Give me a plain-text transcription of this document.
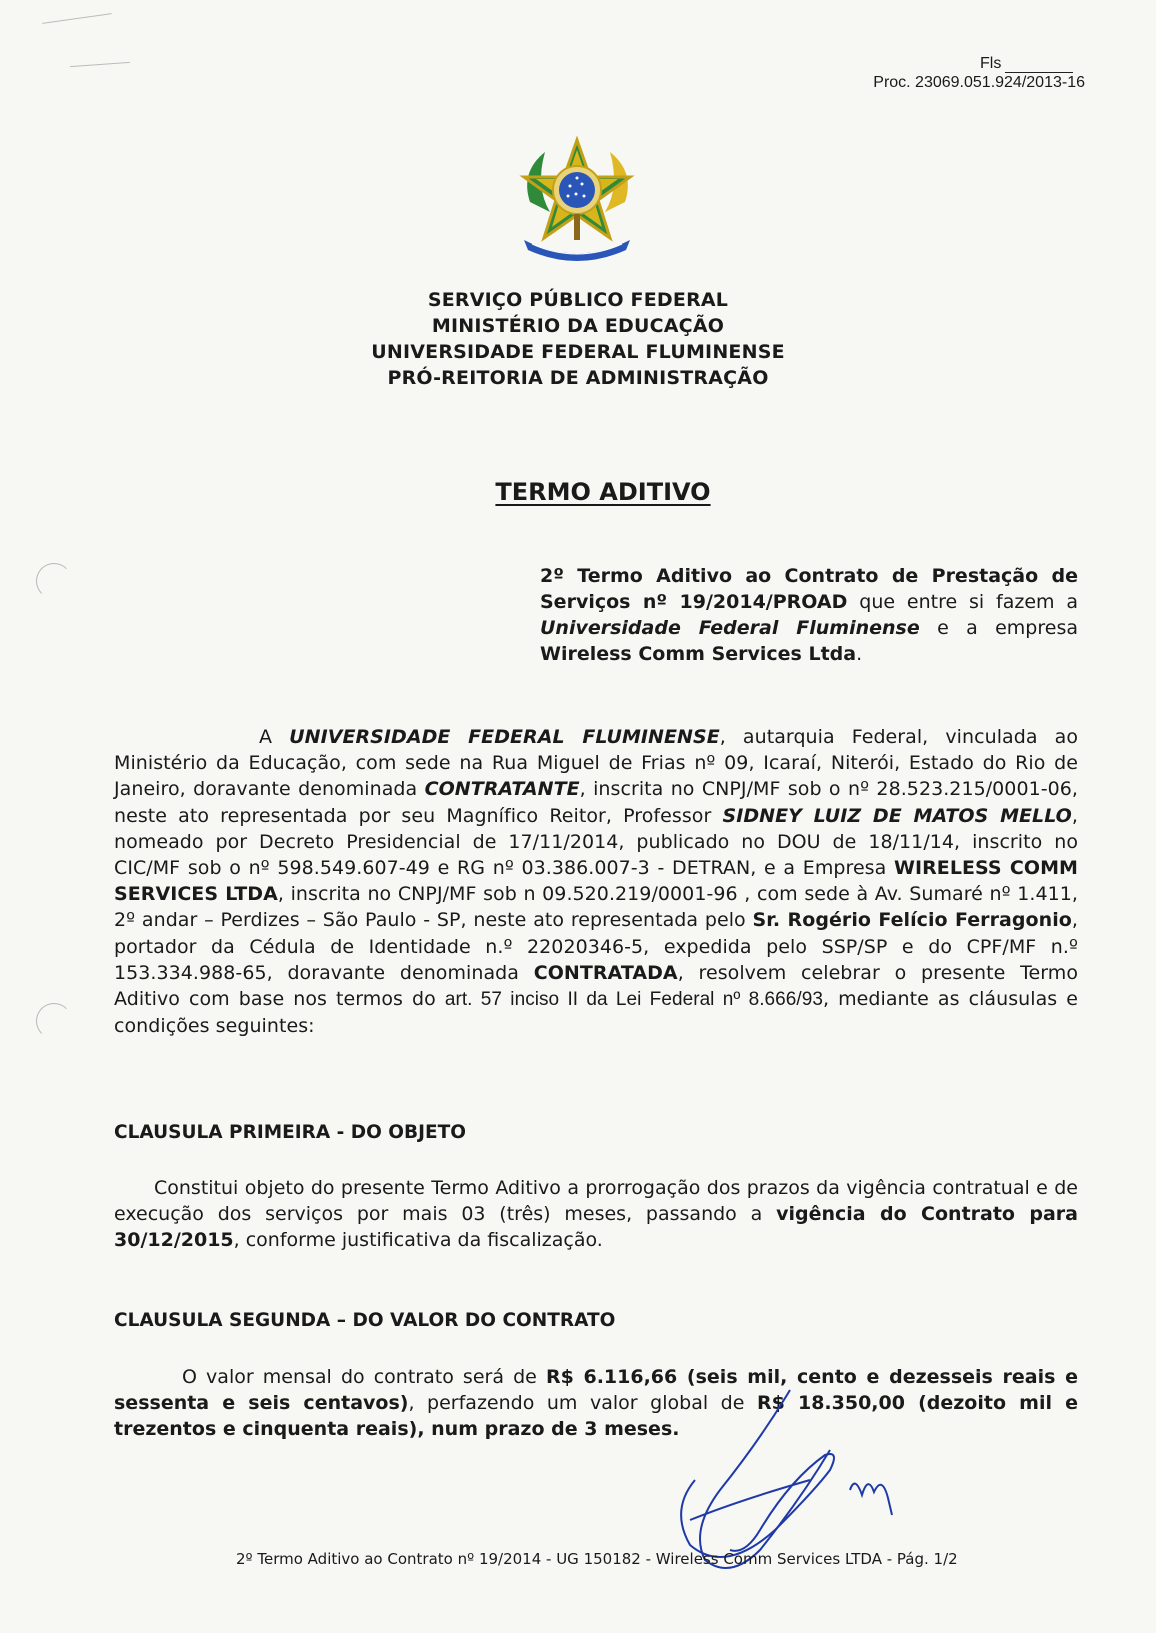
Fls
Proc. 23069.051.924/2013-16
SERVIÇO PÚBLICO FEDERAL
MINISTÉRIO DA EDUCAÇÃO
UNIVERSIDADE FEDERAL FLUMINENSE
PRÓ-REITORIA DE ADMINISTRAÇÃO
TERMO ADITIVO
2º Termo Aditivo ao Contrato de Prestação de Serviços nº 19/2014/PROAD que entre si fazem a Universidade Federal Fluminense e a empresa Wireless Comm Services Ltda.

A UNIVERSIDADE FEDERAL FLUMINENSE, autarquia Federal, vinculada ao Ministério da Educação, com sede na Rua Miguel de Frias nº 09, Icaraí, Niterói, Estado do Rio de Janeiro, doravante denominada CONTRATANTE, inscrita no CNPJ/MF sob o nº 28.523.215/0001-06, neste ato representada por seu Magnífico Reitor, Professor SIDNEY LUIZ DE MATOS MELLO, nomeado por Decreto Presidencial de 17/11/2014, publicado no DOU de 18/11/14, inscrito no CIC/MF sob o nº 598.549.607-49 e RG nº 03.386.007-3 - DETRAN, e a Empresa WIRELESS COMM SERVICES LTDA, inscrita no CNPJ/MF sob n 09.520.219/0001-96 , com sede à Av. Sumaré nº 1.411, 2º andar – Perdizes – São Paulo - SP, neste ato representada pelo Sr. Rogério Felício Ferragonio, portador da Cédula de Identidade n.º 22020346-5, expedida pelo SSP/SP e do CPF/MF n.º 153.334.988-65, doravante denominada CONTRATADA, resolvem celebrar o presente Termo Aditivo com base nos termos do art. 57 inciso II da Lei Federal nº 8.666/93, mediante as cláusulas e condições seguintes:

CLAUSULA PRIMEIRA - DO OBJETO
Constitui objeto do presente Termo Aditivo a prorrogação dos prazos da vigência contratual e de execução dos serviços por mais 03 (três) meses, passando a vigência do Contrato para 30/12/2015, conforme justificativa da fiscalização.
CLAUSULA SEGUNDA – DO VALOR DO CONTRATO
O valor mensal do contrato será de R$ 6.116,66 (seis mil, cento e dezesseis reais e sessenta e seis centavos), perfazendo um valor global de R$ 18.350,00 (dezoito mil e trezentos e cinquenta reais), num prazo de 3 meses.
2º Termo Aditivo ao Contrato nº 19/2014 - UG 150182 - Wireless Comm Services LTDA - Pág. 1/2
